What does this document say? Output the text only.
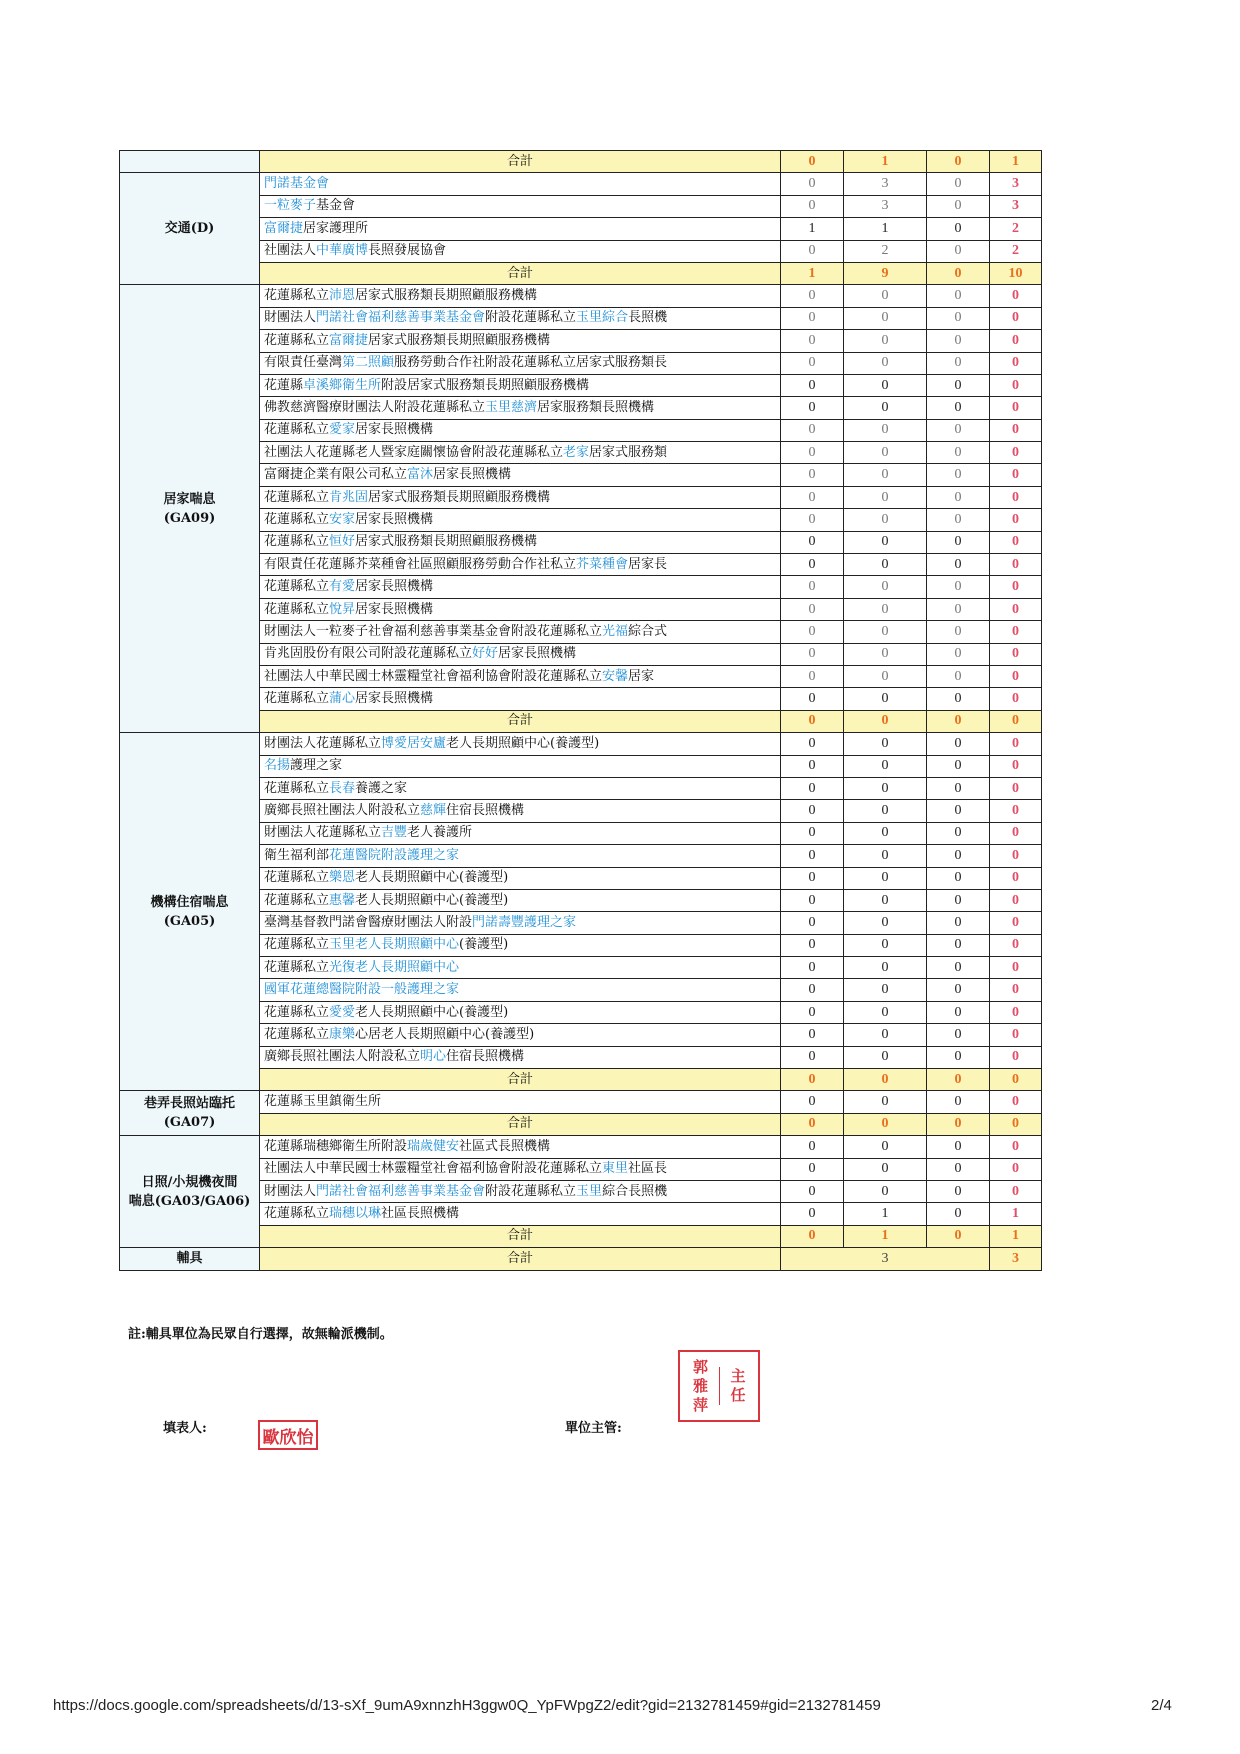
	合計	0	1	0	1

交通(D)	門諾基金會	0	3	0	3
	一粒麥子基金會	0	3	0	3
	富爾捷居家護理所	1	1	0	2
	社團法人中華廣博長照發展協會	0	2	0	2
	合計	1	9	0	10

居家喘息
(GA09)	花蓮縣私立沛恩居家式服務類長期照顧服務機構	0	0	0	0
	財團法人門諾社會福利慈善事業基金會附設花蓮縣私立玉里綜合長照機	0	0	0	0
	花蓮縣私立富爾捷居家式服務類長期照顧服務機構	0	0	0	0
	有限責任臺灣第二照顧服務勞動合作社附設花蓮縣私立居家式服務類長	0	0	0	0
	花蓮縣卓溪鄉衛生所附設居家式服務類長期照顧服務機構	0	0	0	0
	佛教慈濟醫療財團法人附設花蓮縣私立玉里慈濟居家服務類長照機構	0	0	0	0
	花蓮縣私立愛家居家長照機構	0	0	0	0
	社團法人花蓮縣老人暨家庭關懷協會附設花蓮縣私立老家居家式服務類	0	0	0	0
	富爾捷企業有限公司私立富沐居家長照機構	0	0	0	0
	花蓮縣私立肯兆固居家式服務類長期照顧服務機構	0	0	0	0
	花蓮縣私立安家居家長照機構	0	0	0	0
	花蓮縣私立恒好居家式服務類長期照顧服務機構	0	0	0	0
	有限責任花蓮縣芥菜種會社區照顧服務勞動合作社私立芥菜種會居家長	0	0	0	0
	花蓮縣私立有愛居家長照機構	0	0	0	0
	花蓮縣私立悅昇居家長照機構	0	0	0	0
	財團法人一粒麥子社會福利慈善事業基金會附設花蓮縣私立光福綜合式	0	0	0	0
	肯兆固股份有限公司附設花蓮縣私立好好居家長照機構	0	0	0	0
	社團法人中華民國士林靈糧堂社會福利協會附設花蓮縣私立安馨居家	0	0	0	0
	花蓮縣私立蒲心居家長照機構	0	0	0	0
	合計	0	0	0	0

機構住宿喘息
(GA05)	財團法人花蓮縣私立博愛居安廬老人長期照顧中心(養護型)	0	0	0	0
	名揚護理之家	0	0	0	0
	花蓮縣私立長春養護之家	0	0	0	0
	廣鄉長照社團法人附設私立慈輝住宿長照機構	0	0	0	0
	財團法人花蓮縣私立吉豐老人養護所	0	0	0	0
	衛生福利部花蓮醫院附設護理之家	0	0	0	0
	花蓮縣私立樂恩老人長期照顧中心(養護型)	0	0	0	0
	花蓮縣私立惠馨老人長期照顧中心(養護型)	0	0	0	0
	臺灣基督教門諾會醫療財團法人附設門諾壽豐護理之家	0	0	0	0
	花蓮縣私立玉里老人長期照顧中心(養護型)	0	0	0	0
	花蓮縣私立光復老人長期照顧中心	0	0	0	0
	國軍花蓮總醫院附設一般護理之家	0	0	0	0
	花蓮縣私立愛愛老人長期照顧中心(養護型)	0	0	0	0
	花蓮縣私立康樂心居老人長期照顧中心(養護型)	0	0	0	0
	廣鄉長照社團法人附設私立明心住宿長照機構	0	0	0	0
	合計	0	0	0	0

巷弄長照站臨托
(GA07)	花蓮縣玉里鎮衛生所	0	0	0	0
	合計	0	0	0	0

日照/小規機夜間
喘息(GA03/GA06)	花蓮縣瑞穗鄉衛生所附設瑞歲健安社區式長照機構	0	0	0	0
	社團法人中華民國士林靈糧堂社會福利協會附設花蓮縣私立東里社區長	0	0	0	0
	財團法人門諾社會福利慈善事業基金會附設花蓮縣私立玉里綜合長照機	0	0	0	0
	花蓮縣私立瑞穗以琳社區長照機構	0	1	0	1
	合計	0	1	0	1
輔具	合計	3			3
註:輔具單位為民眾自行選擇，故無輪派機制。
填表人:	歐欣怡	單位主管:
郭
雅
萍
主
任
https://docs.google.com/spreadsheets/d/13-sXf_9umA9xnnzhH3ggw0Q_YpFWpgZ2/edit?gid=2132781459#gid=2132781459	2/4
